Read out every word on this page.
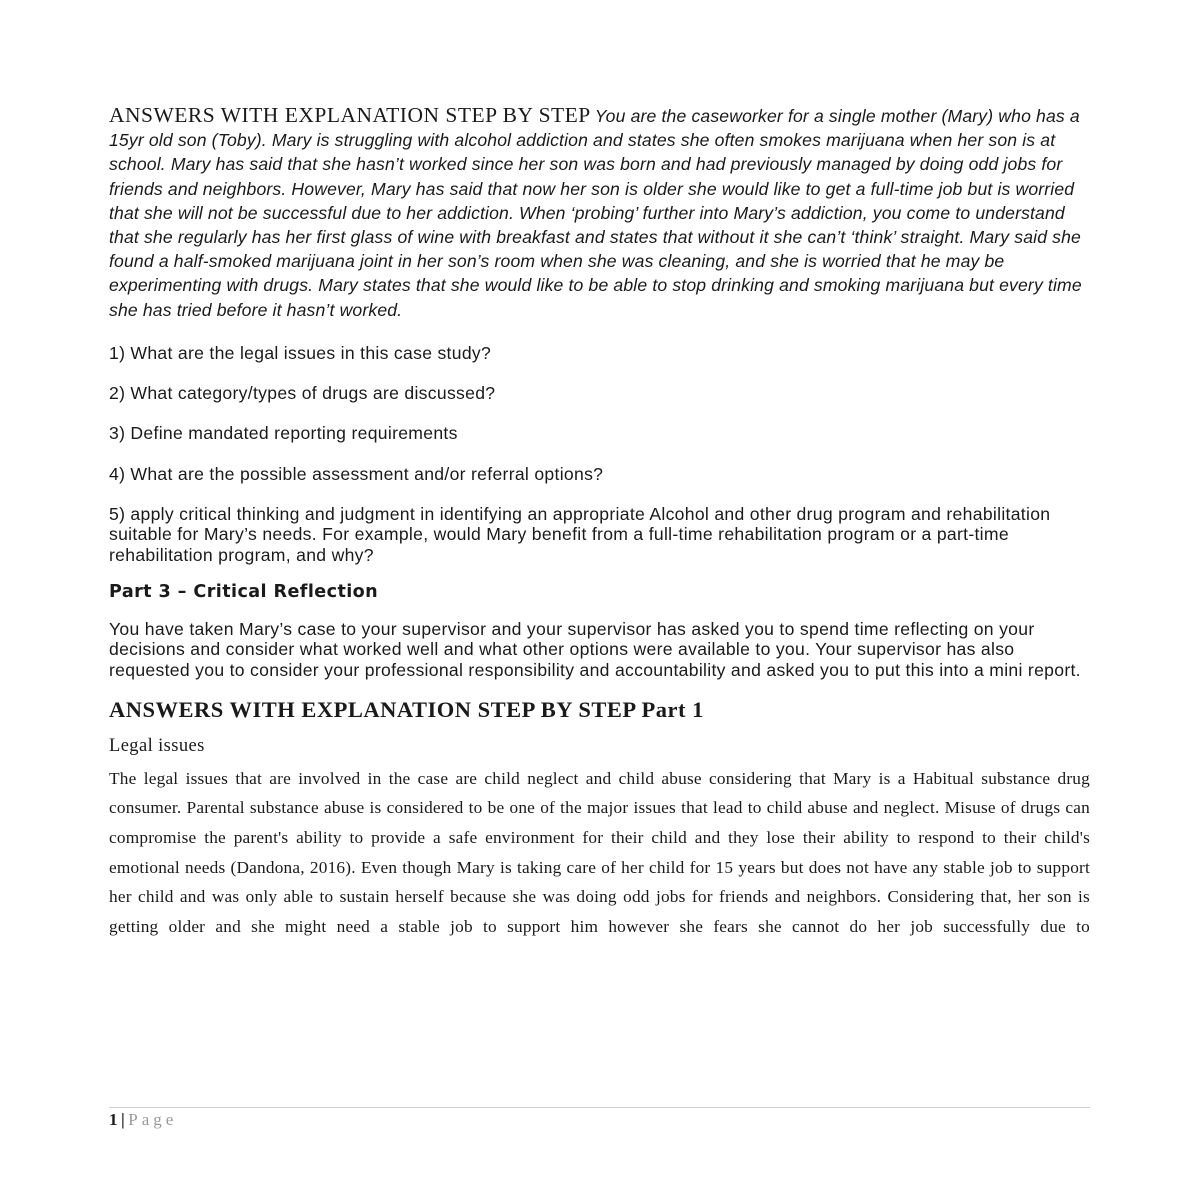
ANSWERS WITH EXPLANATION STEP BY STEP You are the caseworker for a single mother (Mary) who has a 15yr old son (Toby). Mary is struggling with alcohol addiction and states she often smokes marijuana when her son is at school. Mary has said that she hasn’t worked since her son was born and had previously managed by doing odd jobs for friends and neighbors. However, Mary has said that now her son is older she would like to get a full-time job but is worried that she will not be successful due to her addiction. When ‘probing’ further into Mary’s addiction, you come to understand that she regularly has her first glass of wine with breakfast and states that without it she can’t ‘think’ straight. Mary said she found a half-smoked marijuana joint in her son’s room when she was cleaning, and she is worried that he may be experimenting with drugs. Mary states that she would like to be able to stop drinking and smoking marijuana but every time she has tried before it hasn’t worked.

1) What are the legal issues in this case study?

2) What category/types of drugs are discussed?

3) Define mandated reporting requirements

4) What are the possible assessment and/or referral options?

5) apply critical thinking and judgment in identifying an appropriate Alcohol and other drug program and rehabilitation suitable for Mary’s needs. For example, would Mary benefit from a full-time rehabilitation program or a part-time rehabilitation program, and why?

Part 3 – Critical Reflection

You have taken Mary’s case to your supervisor and your supervisor has asked you to spend time reflecting on your decisions and consider what worked well and what other options were available to you. Your supervisor has also requested you to consider your professional responsibility and accountability and asked you to put this into a mini report.

ANSWERS WITH EXPLANATION STEP BY STEP Part 1

Legal issues

The legal issues that are involved in the case are child neglect and child abuse considering that Mary is a Habitual substance drug consumer. Parental substance abuse is considered to be one of the major issues that lead to child abuse and neglect. Misuse of drugs can compromise the parent's ability to provide a safe environment for their child and they lose their ability to respond to their child's emotional needs (Dandona, 2016). Even though Mary is taking care of her child for 15 years but does not have any stable job to support her child and was only able to sustain herself because she was doing odd jobs for friends and neighbors. Considering that, her son is getting older and she might need a stable job to support him however she fears she cannot do her job successfully due to

1 | Page
